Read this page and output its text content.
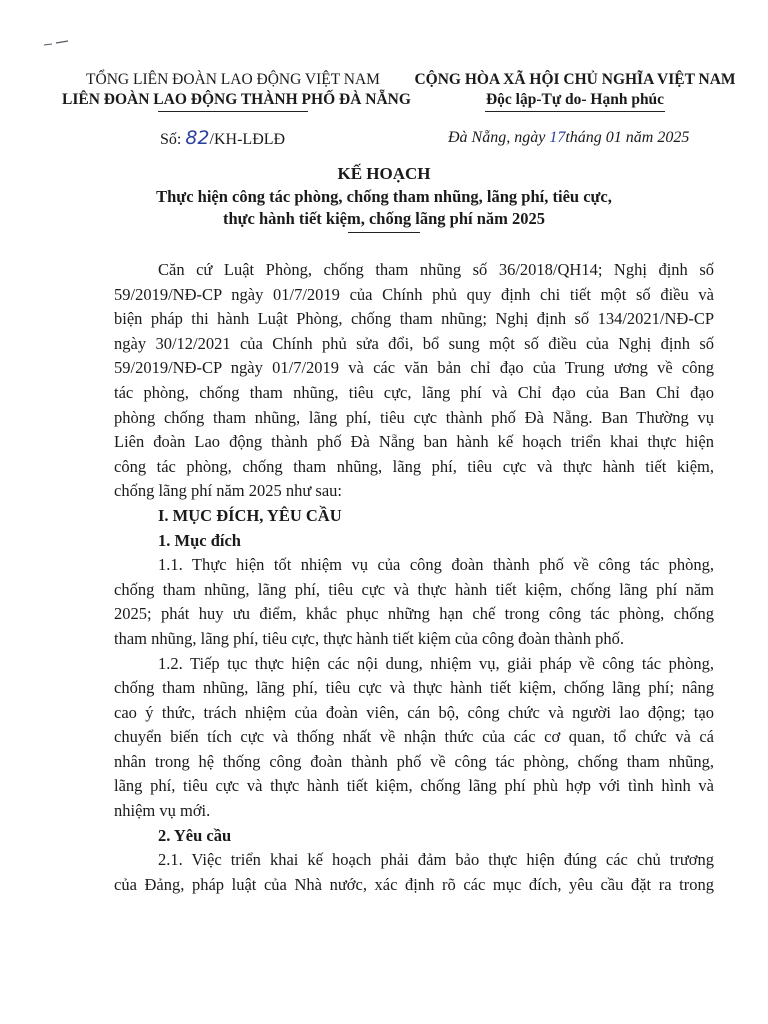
TỔNG LIÊN ĐOÀN LAO ĐỘNG VIỆT NAM
LIÊN ĐOÀN LAO ĐỘNG THÀNH PHỐ ĐÀ NẴNG
CỘNG HÒA XÃ HỘI CHỦ NGHĨA VIỆT NAM
Độc lập-Tự do- Hạnh phúc
Số: 82/KH-LĐLĐ	Đà Nẵng, ngày 17tháng 01 năm 2025
KẾ HOẠCH
Thực hiện công tác phòng, chống tham nhũng, lãng phí, tiêu cực,
thực hành tiết kiệm, chống lãng phí năm 2025
Căn cứ Luật Phòng, chống tham nhũng số 36/2018/QH14; Nghị định số
59/2019/NĐ-CP ngày 01/7/2019 của Chính phủ quy định chi tiết một số điều và
biện pháp thi hành Luật Phòng, chống tham nhũng; Nghị định số 134/2021/NĐ-CP
ngày 30/12/2021 của Chính phủ sửa đổi, bổ sung một số điều của Nghị định số
59/2019/NĐ-CP ngày 01/7/2019 và các văn bản chỉ đạo của Trung ương về công
tác phòng, chống tham nhũng, tiêu cực, lãng phí và Chỉ đạo của Ban Chỉ đạo
phòng chống tham nhũng, lãng phí, tiêu cực thành phố Đà Nẵng. Ban Thường vụ
Liên đoàn Lao động thành phố Đà Nẵng ban hành kế hoạch triển khai thực hiện
công tác phòng, chống tham nhũng, lãng phí, tiêu cực và thực hành tiết kiệm,
chống lãng phí năm 2025 như sau:
I. MỤC ĐÍCH, YÊU CẦU
1. Mục đích
1.1. Thực hiện tốt nhiệm vụ của công đoàn thành phố về công tác phòng,
chống tham nhũng, lãng phí, tiêu cực và thực hành tiết kiệm, chống lãng phí năm
2025; phát huy ưu điểm, khắc phục những hạn chế trong công tác phòng, chống
tham nhũng, lãng phí, tiêu cực, thực hành tiết kiệm của công đoàn thành phố.
1.2. Tiếp tục thực hiện các nội dung, nhiệm vụ, giải pháp về công tác phòng,
chống tham nhũng, lãng phí, tiêu cực và thực hành tiết kiệm, chống lãng phí; nâng
cao ý thức, trách nhiệm của đoàn viên, cán bộ, công chức và người lao động; tạo
chuyển biến tích cực và thống nhất về nhận thức của các cơ quan, tổ chức và cá
nhân trong hệ thống công đoàn thành phố về công tác phòng, chống tham nhũng,
lãng phí, tiêu cực và thực hành tiết kiệm, chống lãng phí phù hợp với tình hình và
nhiệm vụ mới.
2. Yêu cầu
2.1. Việc triển khai kế hoạch phải đảm bảo thực hiện đúng các chủ trương
của Đảng, pháp luật của Nhà nước, xác định rõ các mục đích, yêu cầu đặt ra trong
